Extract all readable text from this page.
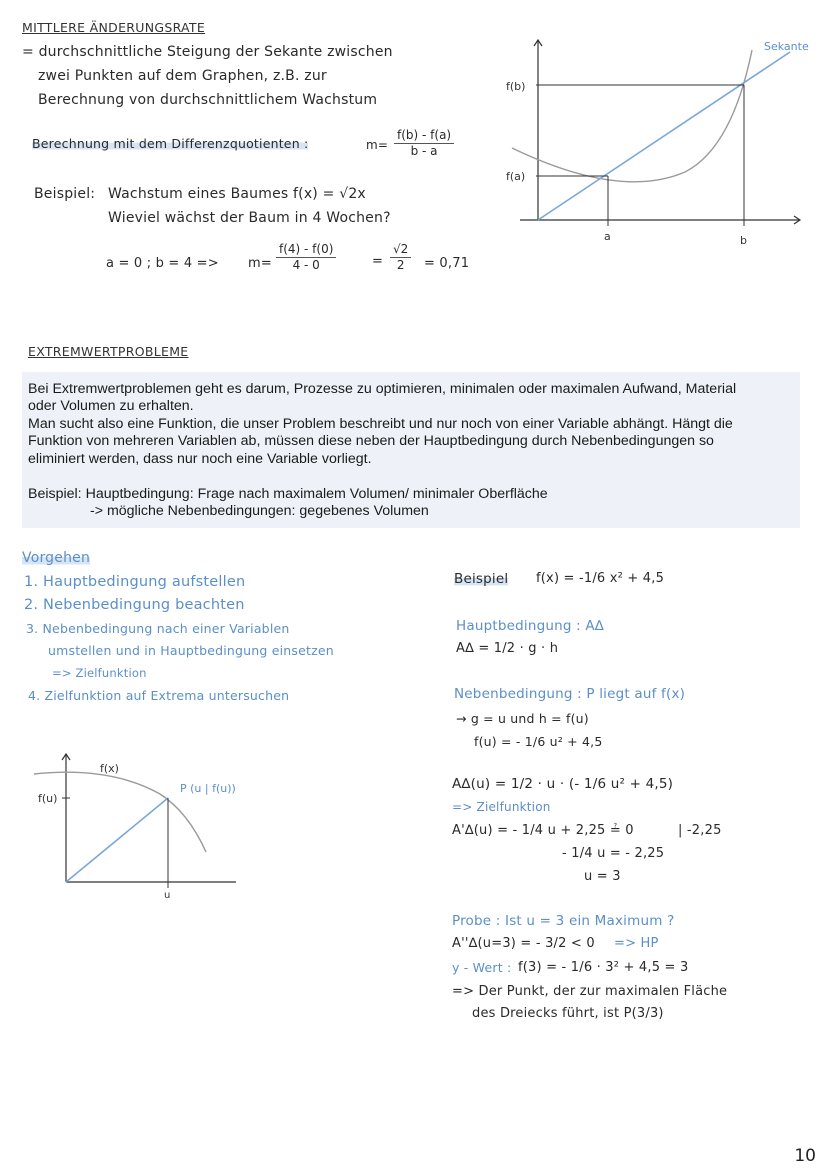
MITTLERE ÄNDERUNGSRATE
= durchschnittliche Steigung der Sekante zwischen
zwei Punkten auf dem Graphen, z.B. zur
Berechnung von durchschnittlichem Wachstum
Berechnung mit dem Differenzquotienten :	$m= \frac{f(b) - f(a)}{b - a}$
Beispiel: Wachstum eines Baumes f(x) = √2x
Wieviel wächst der Baum in 4 Wochen?
a = 0 ; $b = 4 => m= \frac{f(4) - f(0)}{4 - 0}$	= $\frac{√2}{2} = 0,71$
f(b)
f(a)
a	b
Sekante
EXTREMWERTPROBLEME
Bei Extremwertproblemen geht es darum, Prozesse zu optimieren, minimalen oder maximalen Aufwand, Material
oder Volumen zu erhalten.
Man sucht also eine Funktion, die unser Problem beschreibt und nur noch von einer Variable abhängt. Hängt die
Funktion von mehreren Variablen ab, müssen diese neben der Hauptbedingung durch Nebenbedingungen so
eliminiert werden, dass nur noch eine Variable vorliegt.
Beispiel: Hauptbedingung: Frage nach maximalem Volumen/ minimaler Oberfläche
-> mögliche Nebenbedingungen: gegebenes Volumen
Vorgehen
1. Hauptbedingung aufstellen
2. Nebenbedingung beachten
3. Nebenbedingung nach einer Variablen
umstellen und in Hauptbedingung einsetzen
=> Zielfunktion
4. Zielfunktion auf Extrema untersuchen
f(x)
f(u)
P (u | f(u))
u
Beispiel f(x) = -1/6 x² + 4,5
Hauptbedingung : A∆
A∆ = 1/2 · g · h
Nebenbedingung : P liegt auf f(x)
→ g = u und h = f(u)
f(u) = - 1/6 u² + 4,5
A∆(u) = 1/2 · u · (- 1/6 u² + 4,5)
=> Zielfunktion
A'∆(u) = - 1/4 u + 2,25 ≟ 0	| -2,25
- 1/4 u = - 2,25
u = 3
Probe : Ist u = 3 ein Maximum ?
A''∆(u=3) = - 3/2 < 0 => HP
y - Wert : f(3) = - 1/6 · 3² + 4,5 = 3
=> Der Punkt, der zur maximalen Fläche
des Dreiecks führt, ist P(3/3)
10
